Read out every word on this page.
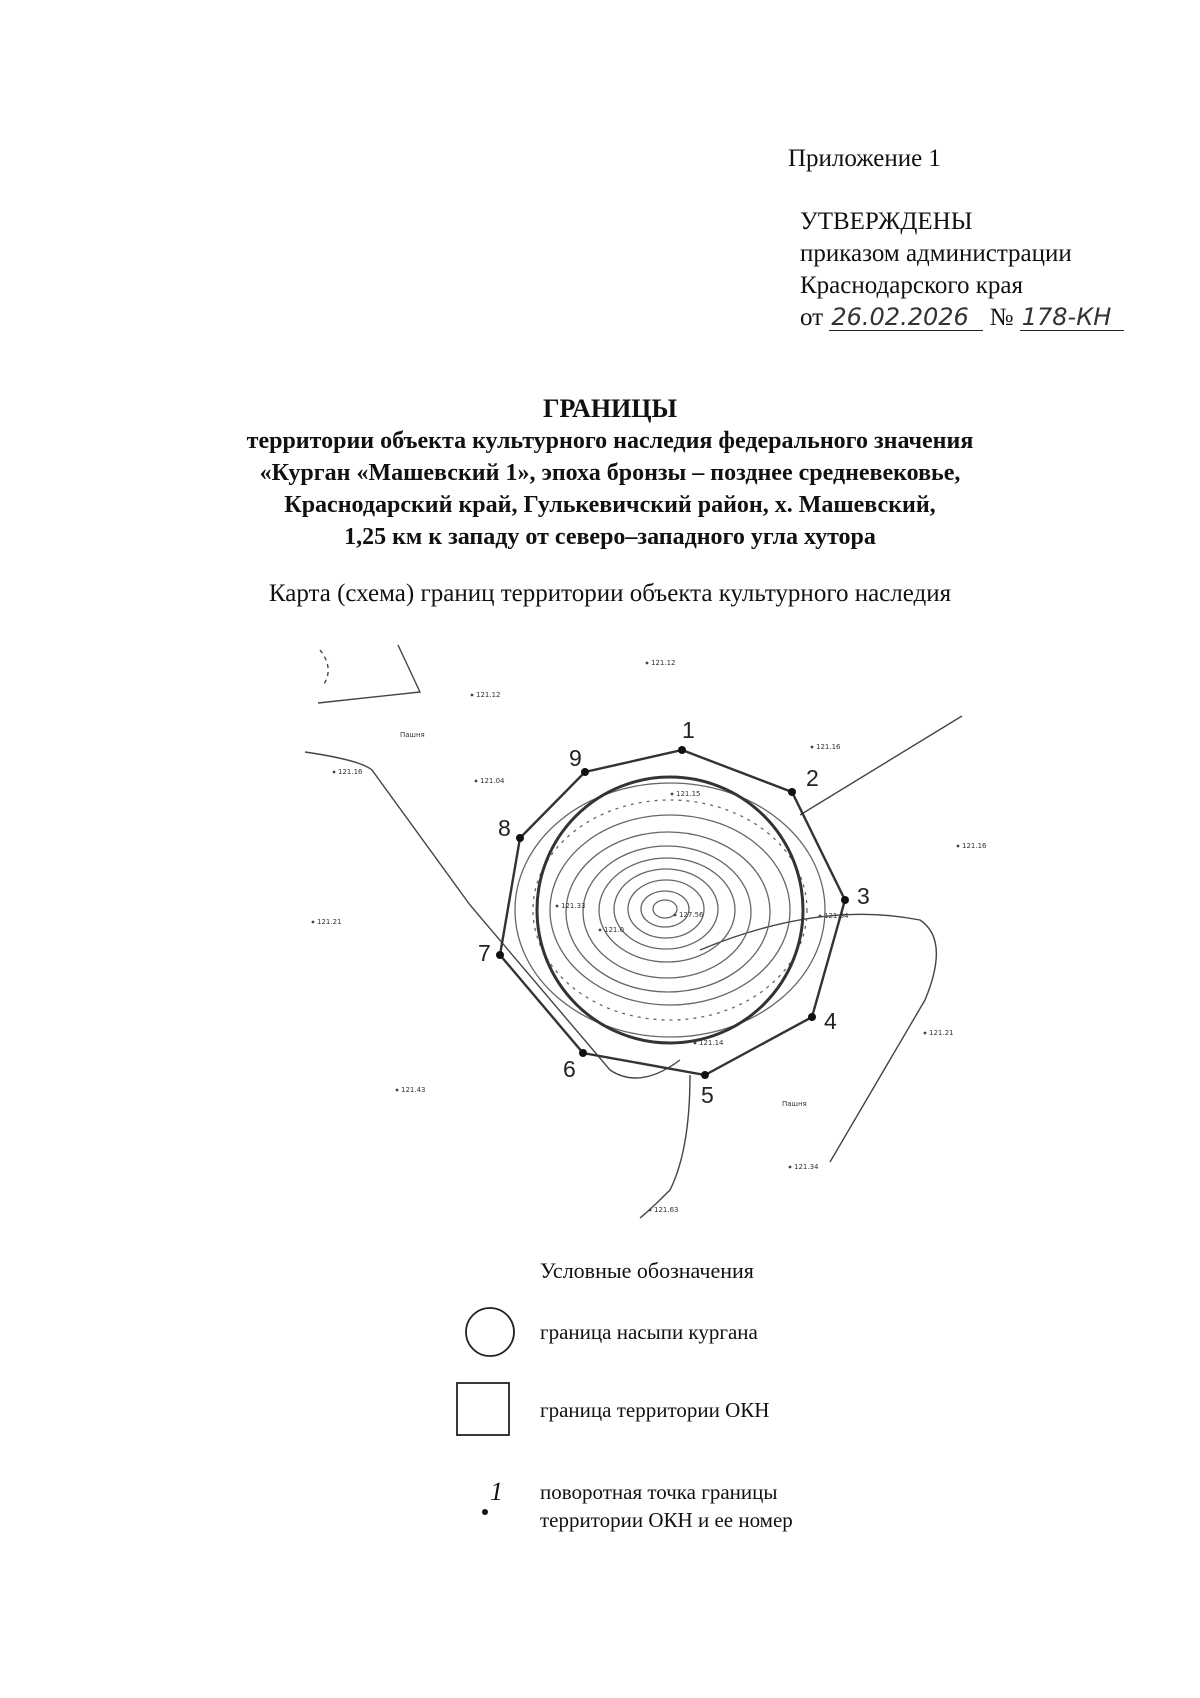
Приложение 1
УТВЕРЖДЕНЫ
приказом администрации
Краснодарского края
от 26.02.2026 № 178-КН
ГРАНИЦЫ
территории объекта культурного наследия федерального значения
«Курган «Машевский 1», эпоха бронзы – позднее средневековье,
Краснодарский край, Гулькевичский район, х. Машевский,
1,25 км к западу от северо–западного угла хутора
Карта (схема) границ территории объекта культурного наследия
1
2
3
4
5
6
7
8
9
121.12
121.12
121.16
121.16
121.04
121.15
121.16
121.33
121.84
121.21
121.21
121.43
121.34
121.63
127.56
121.0
121.14
Пашня
Пашня
1
Условные обозначения
граница насыпи кургана
граница территории ОКН
поворотная точка границы
территории ОКН и ее номер
